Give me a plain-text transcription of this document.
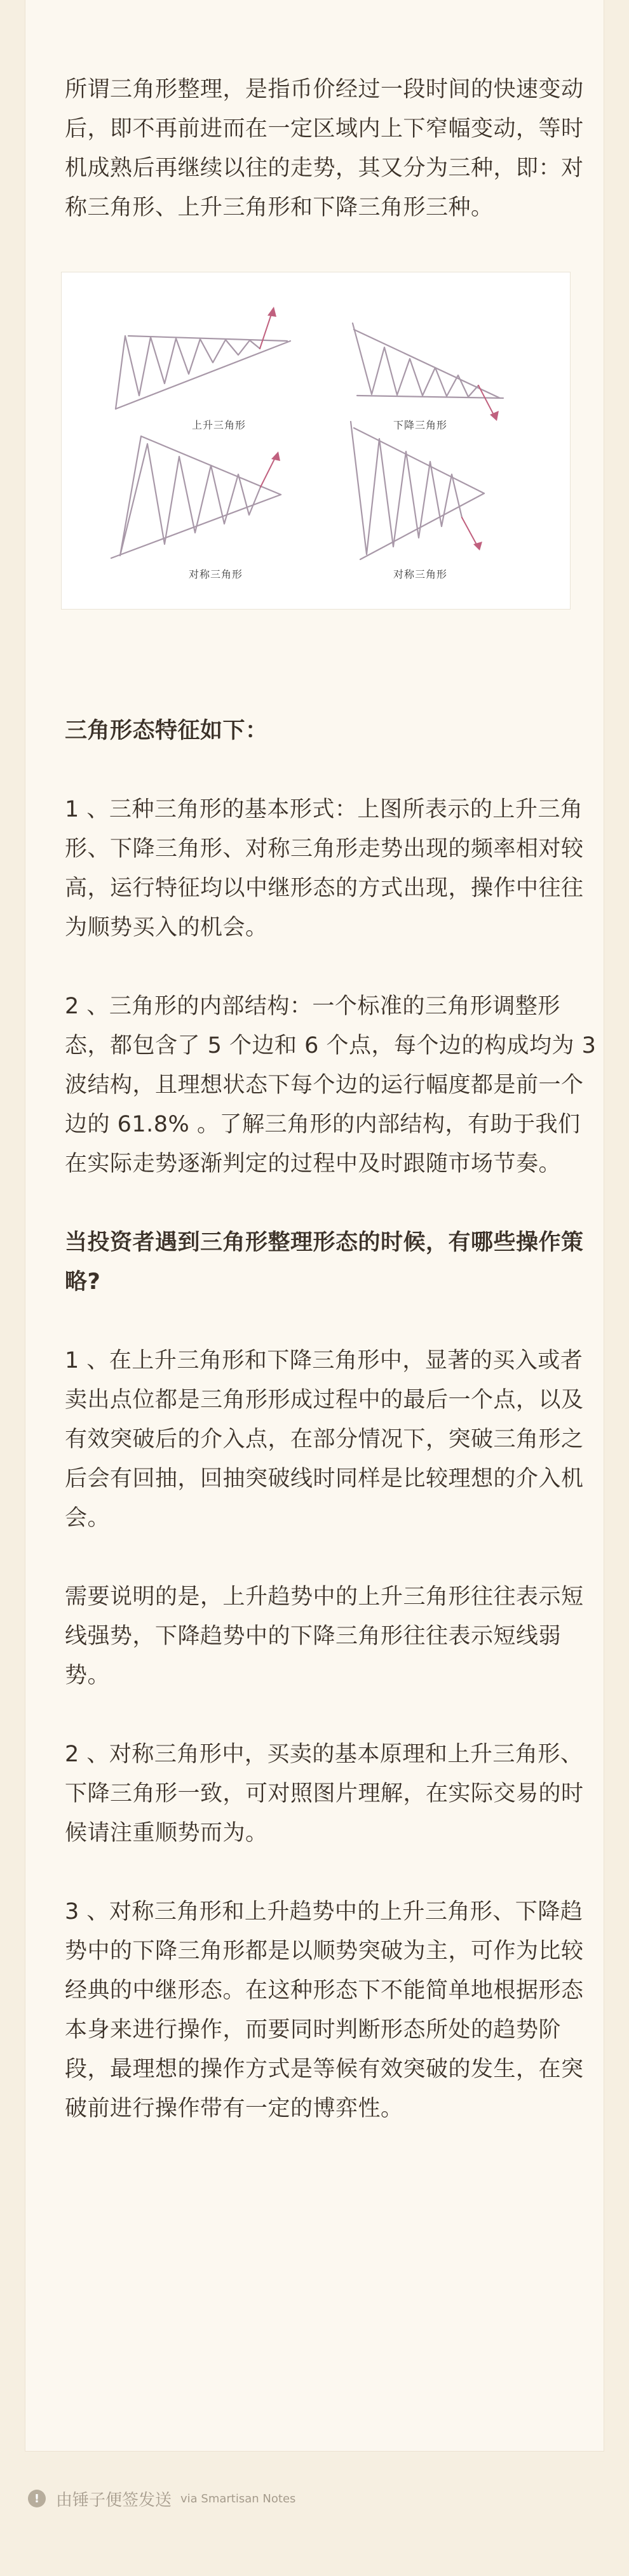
所谓三角形整理，是指币价经过一段时间的快速变动后，即不再前进而在一定区域内上下窄幅变动，等时机成熟后再继续以往的走势，其又分为三种，即：对称三角形、上升三角形和下降三角形三种。

上升三角形	下降三角形
对称三角形	对称三角形

三角形态特征如下：

1 、三种三角形的基本形式：上图所表示的上升三角形、下降三角形、对称三角形走势出现的频率相对较高，运行特征均以中继形态的方式出现，操作中往往为顺势买入的机会。

2 、三角形的内部结构：一个标准的三角形调整形态，都包含了 5 个边和 6 个点，每个边的构成均为 3 波结构，且理想状态下每个边的运行幅度都是前一个边的 61.8% 。了解三角形的内部结构，有助于我们在实际走势逐渐判定的过程中及时跟随市场节奏。

当投资者遇到三角形整理形态的时候，有哪些操作策略?

1 、在上升三角形和下降三角形中，显著的买入或者卖出点位都是三角形形成过程中的最后一个点，以及有效突破后的介入点，在部分情况下，突破三角形之后会有回抽，回抽突破线时同样是比较理想的介入机会。

需要说明的是，上升趋势中的上升三角形往往表示短线强势，下降趋势中的下降三角形往往表示短线弱势。

2 、对称三角形中，买卖的基本原理和上升三角形、下降三角形一致，可对照图片理解，在实际交易的时候请注重顺势而为。

3 、对称三角形和上升趋势中的上升三角形、下降趋势中的下降三角形都是以顺势突破为主，可作为比较经典的中继形态。在这种形态下不能简单地根据形态本身来进行操作，而要同时判断形态所处的趋势阶段，最理想的操作方式是等候有效突破的发生，在突破前进行操作带有一定的博弈性。

! 由锤子便签发送 via Smartisan Notes
